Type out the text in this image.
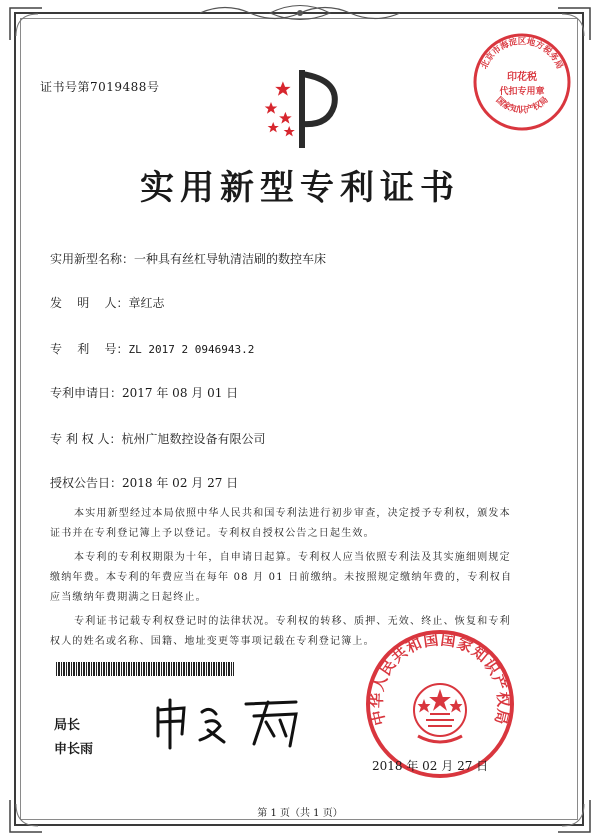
证书号第7019488号
北京市海淀区地方税务局
印花税
代扣专用章
国家知识产权局
实用新型专利证书
实用新型名称：一种具有丝杠导轨清洁刷的数控车床
发    明    人：章红志
专    利    号：ZL 2017 2 0946943.2
专利申请日：2017 年 08 月 01 日
专 利 权 人：杭州广旭数控设备有限公司
授权公告日：2018 年 02 月 27 日

本实用新型经过本局依照中华人民共和国专利法进行初步审查，决定授予专利权，颁发本证书并在专利登记簿上予以登记。专利权自授权公告之日起生效。

本专利的专利权期限为十年，自申请日起算。专利权人应当依照专利法及其实施细则规定缴纳年费。本专利的年费应当在每年 08 月 01 日前缴纳。未按照规定缴纳年费的，专利权自应当缴纳年费期满之日起终止。

专利证书记载专利权登记时的法律状况。专利权的转移、质押、无效、终止、恢复和专利权人的姓名或名称、国籍、地址变更等事项记载在专利登记簿上。

局长
申长雨
中华人民共和国国家知识产权局
2018 年 02 月 27 日
第 1 页（共 1 页）
